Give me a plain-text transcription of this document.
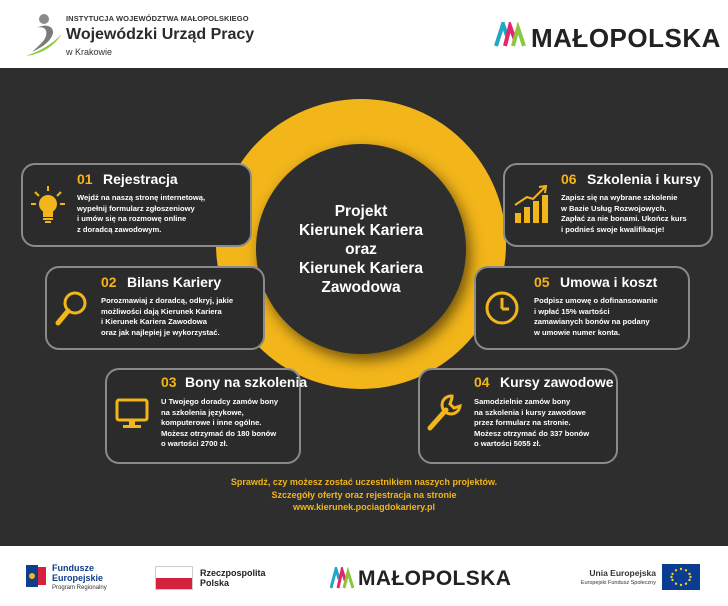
INSTYTUCJA WOJEWÓDZTWA MAŁOPOLSKIEGO
Wojewódzki Urząd Pracy
w Krakowie	MAŁOPOLSKA
Projekt
Kierunek Kariera
oraz
Kierunek Kariera
Zawodowa
01 Rejestracja
Wejdź na naszą stronę internetową,
wypełnij formularz zgłoszeniowy
i umów się na rozmowę online
z doradcą zawodowym.
02 Bilans Kariery
Porozmawiaj z doradcą, odkryj, jakie
możliwości dają Kierunek Kariera
i Kierunek Kariera Zawodowa
oraz jak najlepiej je wykorzystać.
03 Bony na szkolenia
U Twojego doradcy zamów bony
na szkolenia językowe,
komputerowe i inne ogólne.
Możesz otrzymać do 180 bonów
o wartości 2700 zł.
04 Kursy zawodowe
Samodzielnie zamów bony
na szkolenia i kursy zawodowe
przez formularz na stronie.
Możesz otrzymać do 337 bonów
o wartości 5055 zł.
05 Umowa i koszt
Podpisz umowę o dofinansowanie
i wpłać 15% wartości
zamawianych bonów na podany
w umowie numer konta.
06 Szkolenia i kursy
Zapisz się na wybrane szkolenie
w Bazie Usług Rozwojowych.
Zapłać za nie bonami. Ukończ kurs
i podnieś swoje kwalifikacje!
Sprawdź, czy możesz zostać uczestnikiem naszych projektów.
Szczegóły oferty oraz rejestracja na stronie
www.kierunek.pociagdokariery.pl
Fundusze
Europejskie
Program Regionalny
Rzeczpospolita
Polska	MAŁOPOLSKA	Unia Europejska
Europejski Fundusz Społeczny
